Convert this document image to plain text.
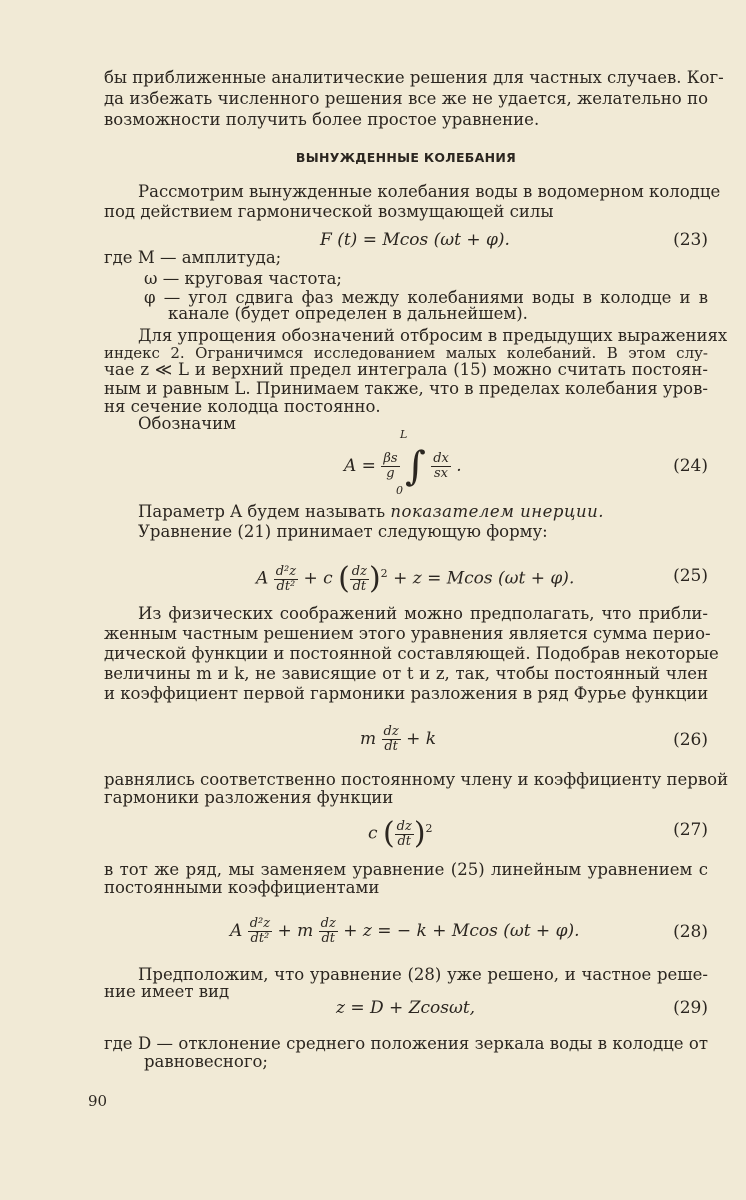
бы приближенные аналитические решения для частных случаев. Ког-
да избежать численного решения все же не удается, желательно по
возможности получить более простое уравнение.
ВЫНУЖДЕННЫЕ КОЛЕБАНИЯ
Рассмотрим вынужденные колебания воды в водомерном колодце
под действием гармонической возмущающей силы
F (t) = Mcos (ωt + φ).	(23)
где M — амплитуда;
ω — круговая частота;
φ — угол сдвига фаз между колебаниями воды в колодце и в
канале (будет определен в дальнейшем).
Для упрощения обозначений отбросим в предыдущих выражениях
индекс 2. Ограничимся исследованием малых колебаний. В этом слу-
чае z ≪ L и верхний предел интеграла (15) можно считать постоян-
ным и равным L. Принимаем также, что в пределах колебания уров-
ня сечение колодца постоянно.
Обозначим
L
$A = \frac{\beta s}{g}$ ∫ $\frac{dx}{sx}$ .
0
(24)
Параметр A будем называть показателем инерции.
Уравнение (21) принимает следующую форму:
A $\frac{\text{d²z}}{\text{dt²}} + c$ ( $\frac{dz}{dt} )^2 + z = Mcos$ (ωt + φ).	(25)
Из физических соображений можно предполагать, что прибли-
женным частным решением этого уравнения является сумма перио-
дической функции и постоянной составляющей. Подобрав некоторые
величины m и k, не зависящие от t и z, так, чтобы постоянный член
и коэффициент первой гармоники разложения в ряд Фурье функции
m $\frac{dz}{dt} + k$	(26)
равнялись соответственно постоянному члену и коэффициенту первой
гармоники разложения функции
c ( $\frac{dz}{dt} )^2$	(27)
в тот же ряд, мы заменяем уравнение (25) линейным уравнением с
постоянными коэффициентами
A $\frac{\text{d²z}}{\text{dt²}} + m \frac{dz}{dt} + z$ = − k + Mcos (ωt + φ).	(28)
Предположим, что уравнение (28) уже решено, и частное реше-
ние имеет вид
z = D + Zcosωt,	(29)
где D — отклонение среднего положения зеркала воды в колодце от
равновесного;
90
